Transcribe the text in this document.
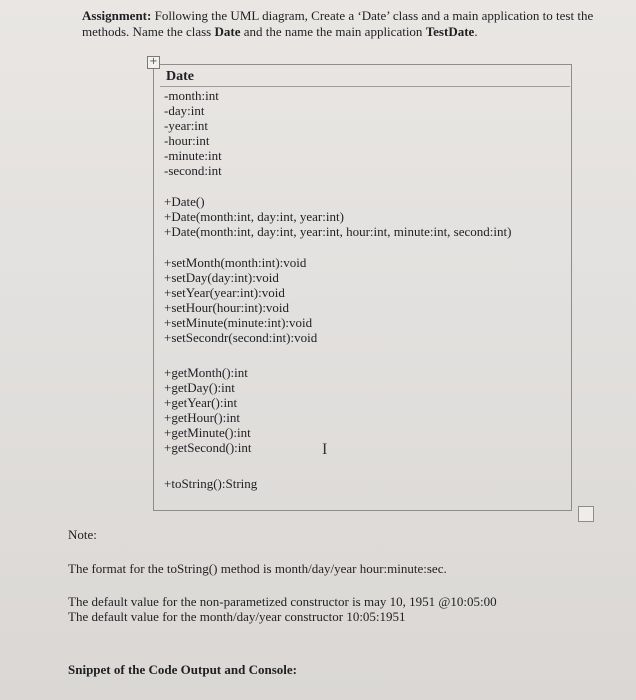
Assignment: Following the UML diagram, Create a ‘Date’ class and a main application to test the methods. Name the class Date and the name the main application TestDate.
+
Date
-month:int
-day:int
-year:int
-hour:int
-minute:int
-second:int
+Date()
+Date(month:int, day:int, year:int)
+Date(month:int, day:int, year:int, hour:int, minute:int, second:int)
+setMonth(month:int):void
+setDay(day:int):void
+setYear(year:int):void
+setHour(hour:int):void
+setMinute(minute:int):void
+setSecondr(second:int):void
+getMonth():int
+getDay():int
+getYear():int
+getHour():int
+getMinute():int
+getSecond():int	I
+toString():String
Note:
The format for the toString() method is month/day/year hour:minute:sec.
The default value for the non-parametized constructor is may 10, 1951 @10:05:00
The default value for the month/day/year constructor 10:05:1951
Snippet of the Code Output and Console:
